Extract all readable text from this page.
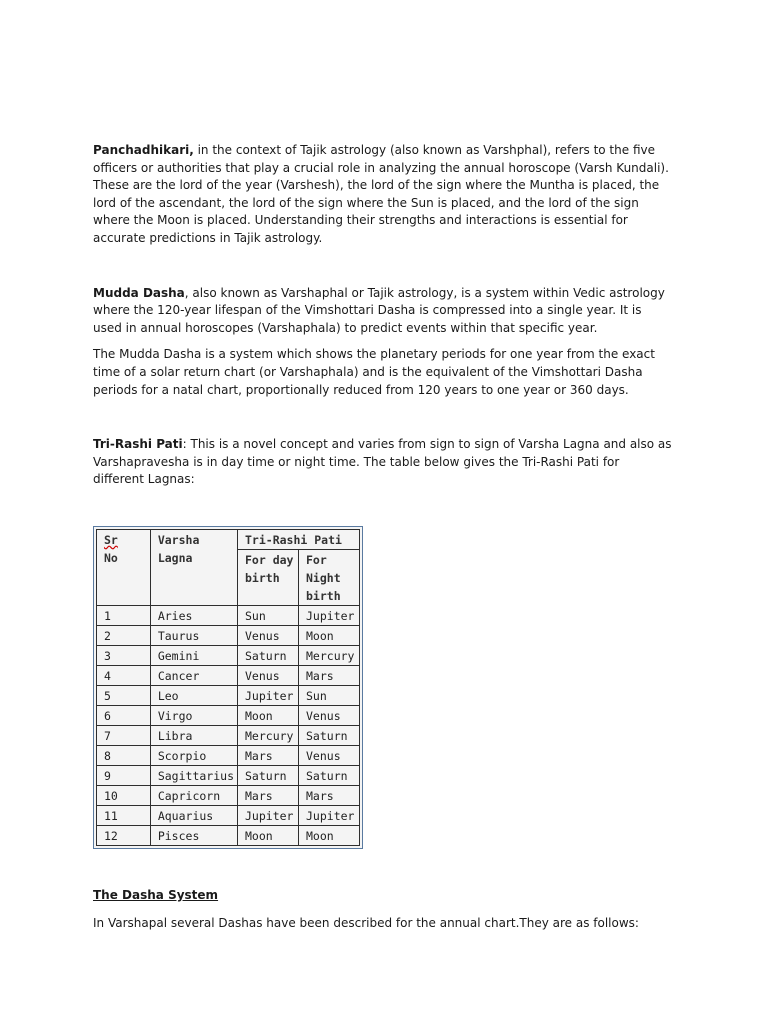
Panchadhikari, in the context of Tajik astrology (also known as Varshphal), refers to the five officers or authorities that play a crucial role in analyzing the annual horoscope (Varsh Kundali). These are the lord of the year (Varshesh), the lord of the sign where the Muntha is placed, the lord of the ascendant, the lord of the sign where the Sun is placed, and the lord of the sign where the Moon is placed. Understanding their strengths and interactions is essential for accurate predictions in Tajik astrology.

Mudda Dasha, also known as Varshaphal or Tajik astrology, is a system within Vedic astrology where the 120-year lifespan of the Vimshottari Dasha is compressed into a single year. It is used in annual horoscopes (Varshaphala) to predict events within that specific year.

The Mudda Dasha is a system which shows the planetary periods for one year from the exact time of a solar return chart (or Varshaphala) and is the equivalent of the Vimshottari Dasha periods for a natal chart, proportionally reduced from 120 years to one year or 360 days.

Tri-Rashi Pati: This is a novel concept and varies from sign to sign of Varsha Lagna and also as Varshapravesha is in day time or night time. The table below gives the Tri-Rashi Pati for different Lagnas:

Sr
No	Varsha Lagna	Tri-Rashi Pati	
		For day birth	For Night birth
1	Aries	Sun	Jupiter
2	Taurus	Venus	Moon
3	Gemini	Saturn	Mercury
4	Cancer	Venus	Mars
5	Leo	Jupiter	Sun
6	Virgo	Moon	Venus
7	Libra	Mercury	Saturn
8	Scorpio	Mars	Venus
9	Sagittarius	Saturn	Saturn
10	Capricorn	Mars	Mars
11	Aquarius	Jupiter	Jupiter
12	Pisces	Moon	Moon

The Dasha System

In Varshapal several Dashas have been described for the annual chart.They are as follows:
